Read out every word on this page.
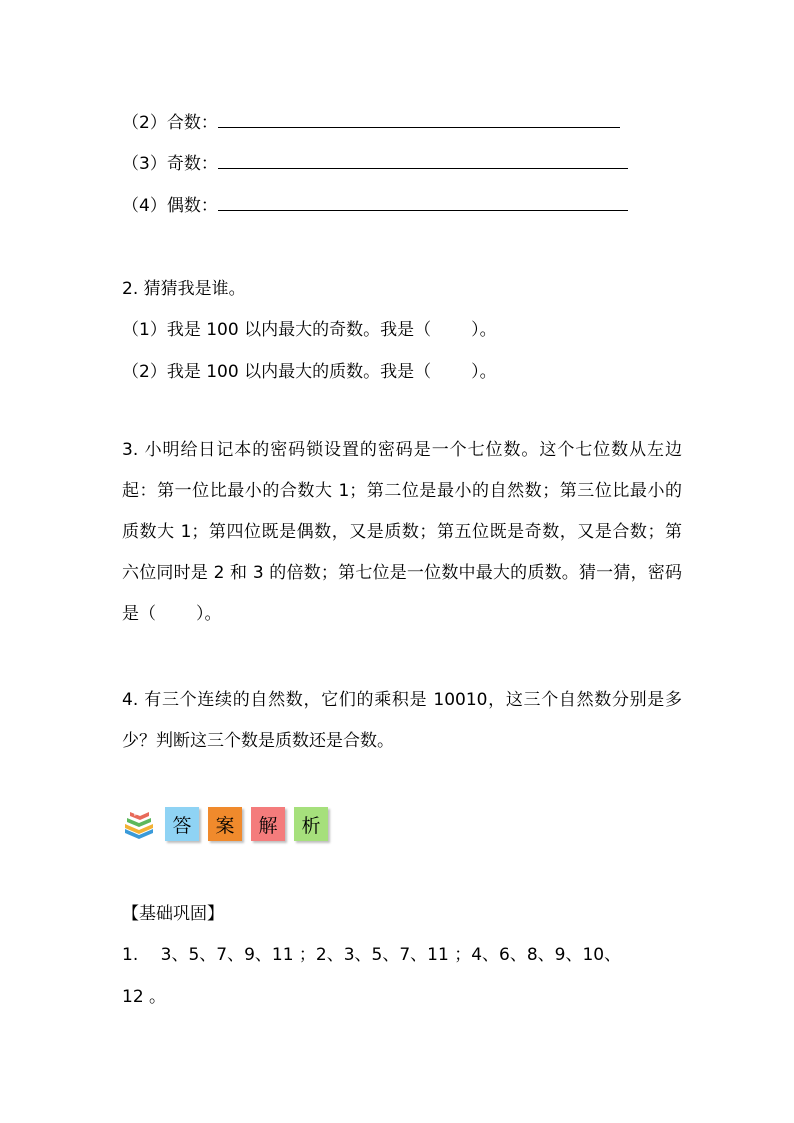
（2）合数：
（3）奇数：
（4）偶数：
2. 猜猜我是谁。
（1）我是 100 以内最大的奇数。我是（ ）。
（2）我是 100 以内最大的质数。我是（ ）。
3. 小明给日记本的密码锁设置的密码是一个七位数。这个七位数从左边起：第一位比最小的合数大 1；第二位是最小的自然数；第三位比最小的质数大 1；第四位既是偶数，又是质数；第五位既是奇数，又是合数；第六位同时是 2 和 3 的倍数；第七位是一位数中最大的质数。猜一猜，密码是（ ）。
4. 有三个连续的自然数，它们的乘积是 10010，这三个自然数分别是多少？判断这三个数是质数还是合数。
答	案	解	析
【基础巩固】
1.　 3、5、7、9、11 ；2、3、5、7、11 ；4、6、8、9、10、
12 。
